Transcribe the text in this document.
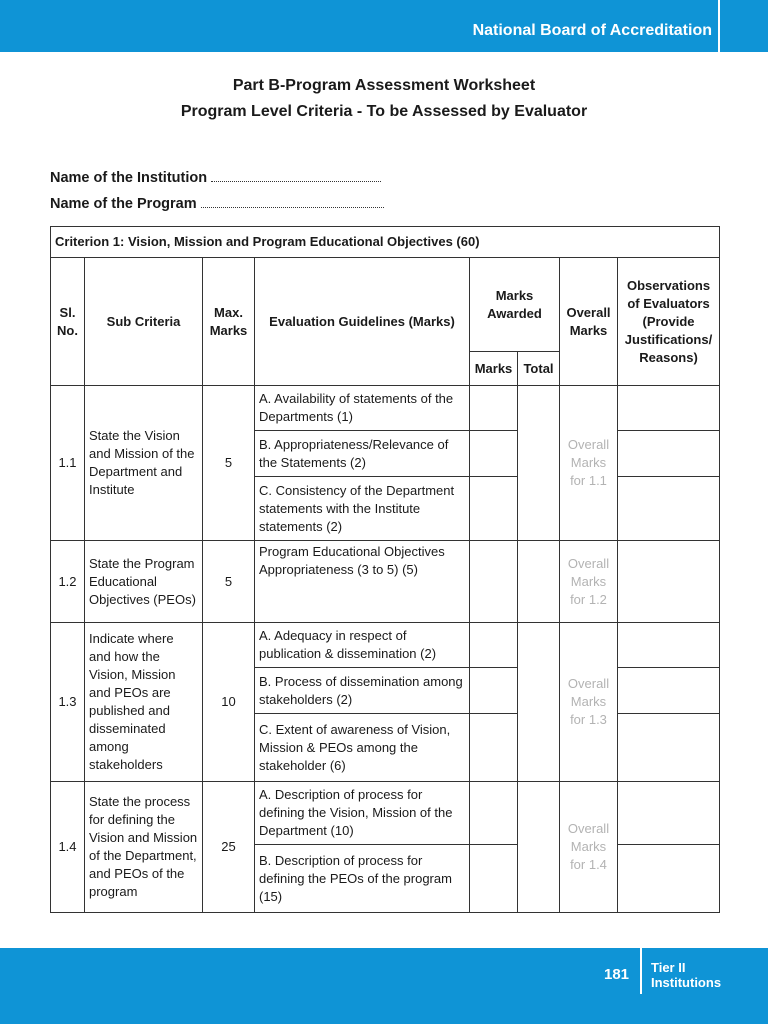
National Board of Accreditation
Part B-Program Assessment Worksheet
Program Level Criteria - To be Assessed by Evaluator
Name of the Institution
Name of the Program
Criterion 1: Vision, Mission and Program Educational Objectives (60)							
Sl. No.	Sub Criteria	Max. Marks	Evaluation Guidelines (Marks)	Marks Awarded		Overall Marks	Observations of Evaluators (Provide Justifications/ Reasons)
				Marks	Total		
1.1	State the Vision and Mission of the Department and Institute	5	A. Availability of statements of the Departments (1)			Overall Marks for 1.1	
			B. Appropriateness/Relevance of the Statements (2)				
			C. Consistency of the Department statements with the Institute statements (2)				
1.2	State the Program Educational Objectives (PEOs)	5	Program Educational Objectives Appropriateness (3 to 5) (5)			Overall Marks for 1.2	
1.3	Indicate where and how the Vision, Mission and PEOs are published and disseminated among stakeholders	10	A. Adequacy in respect of publication & dissemination (2)			Overall Marks for 1.3	
			B. Process of dissemination among stakeholders (2)				
			C. Extent of awareness of Vision, Mission & PEOs among the stakeholder (6)				
1.4	State the process for defining the Vision and Mission of the Department, and PEOs of the program	25	A. Description of process for defining the Vision, Mission of the Department (10)			Overall Marks for 1.4	
			B. Description of process for defining the PEOs of the program (15)				
181 Tier II
Institutions
